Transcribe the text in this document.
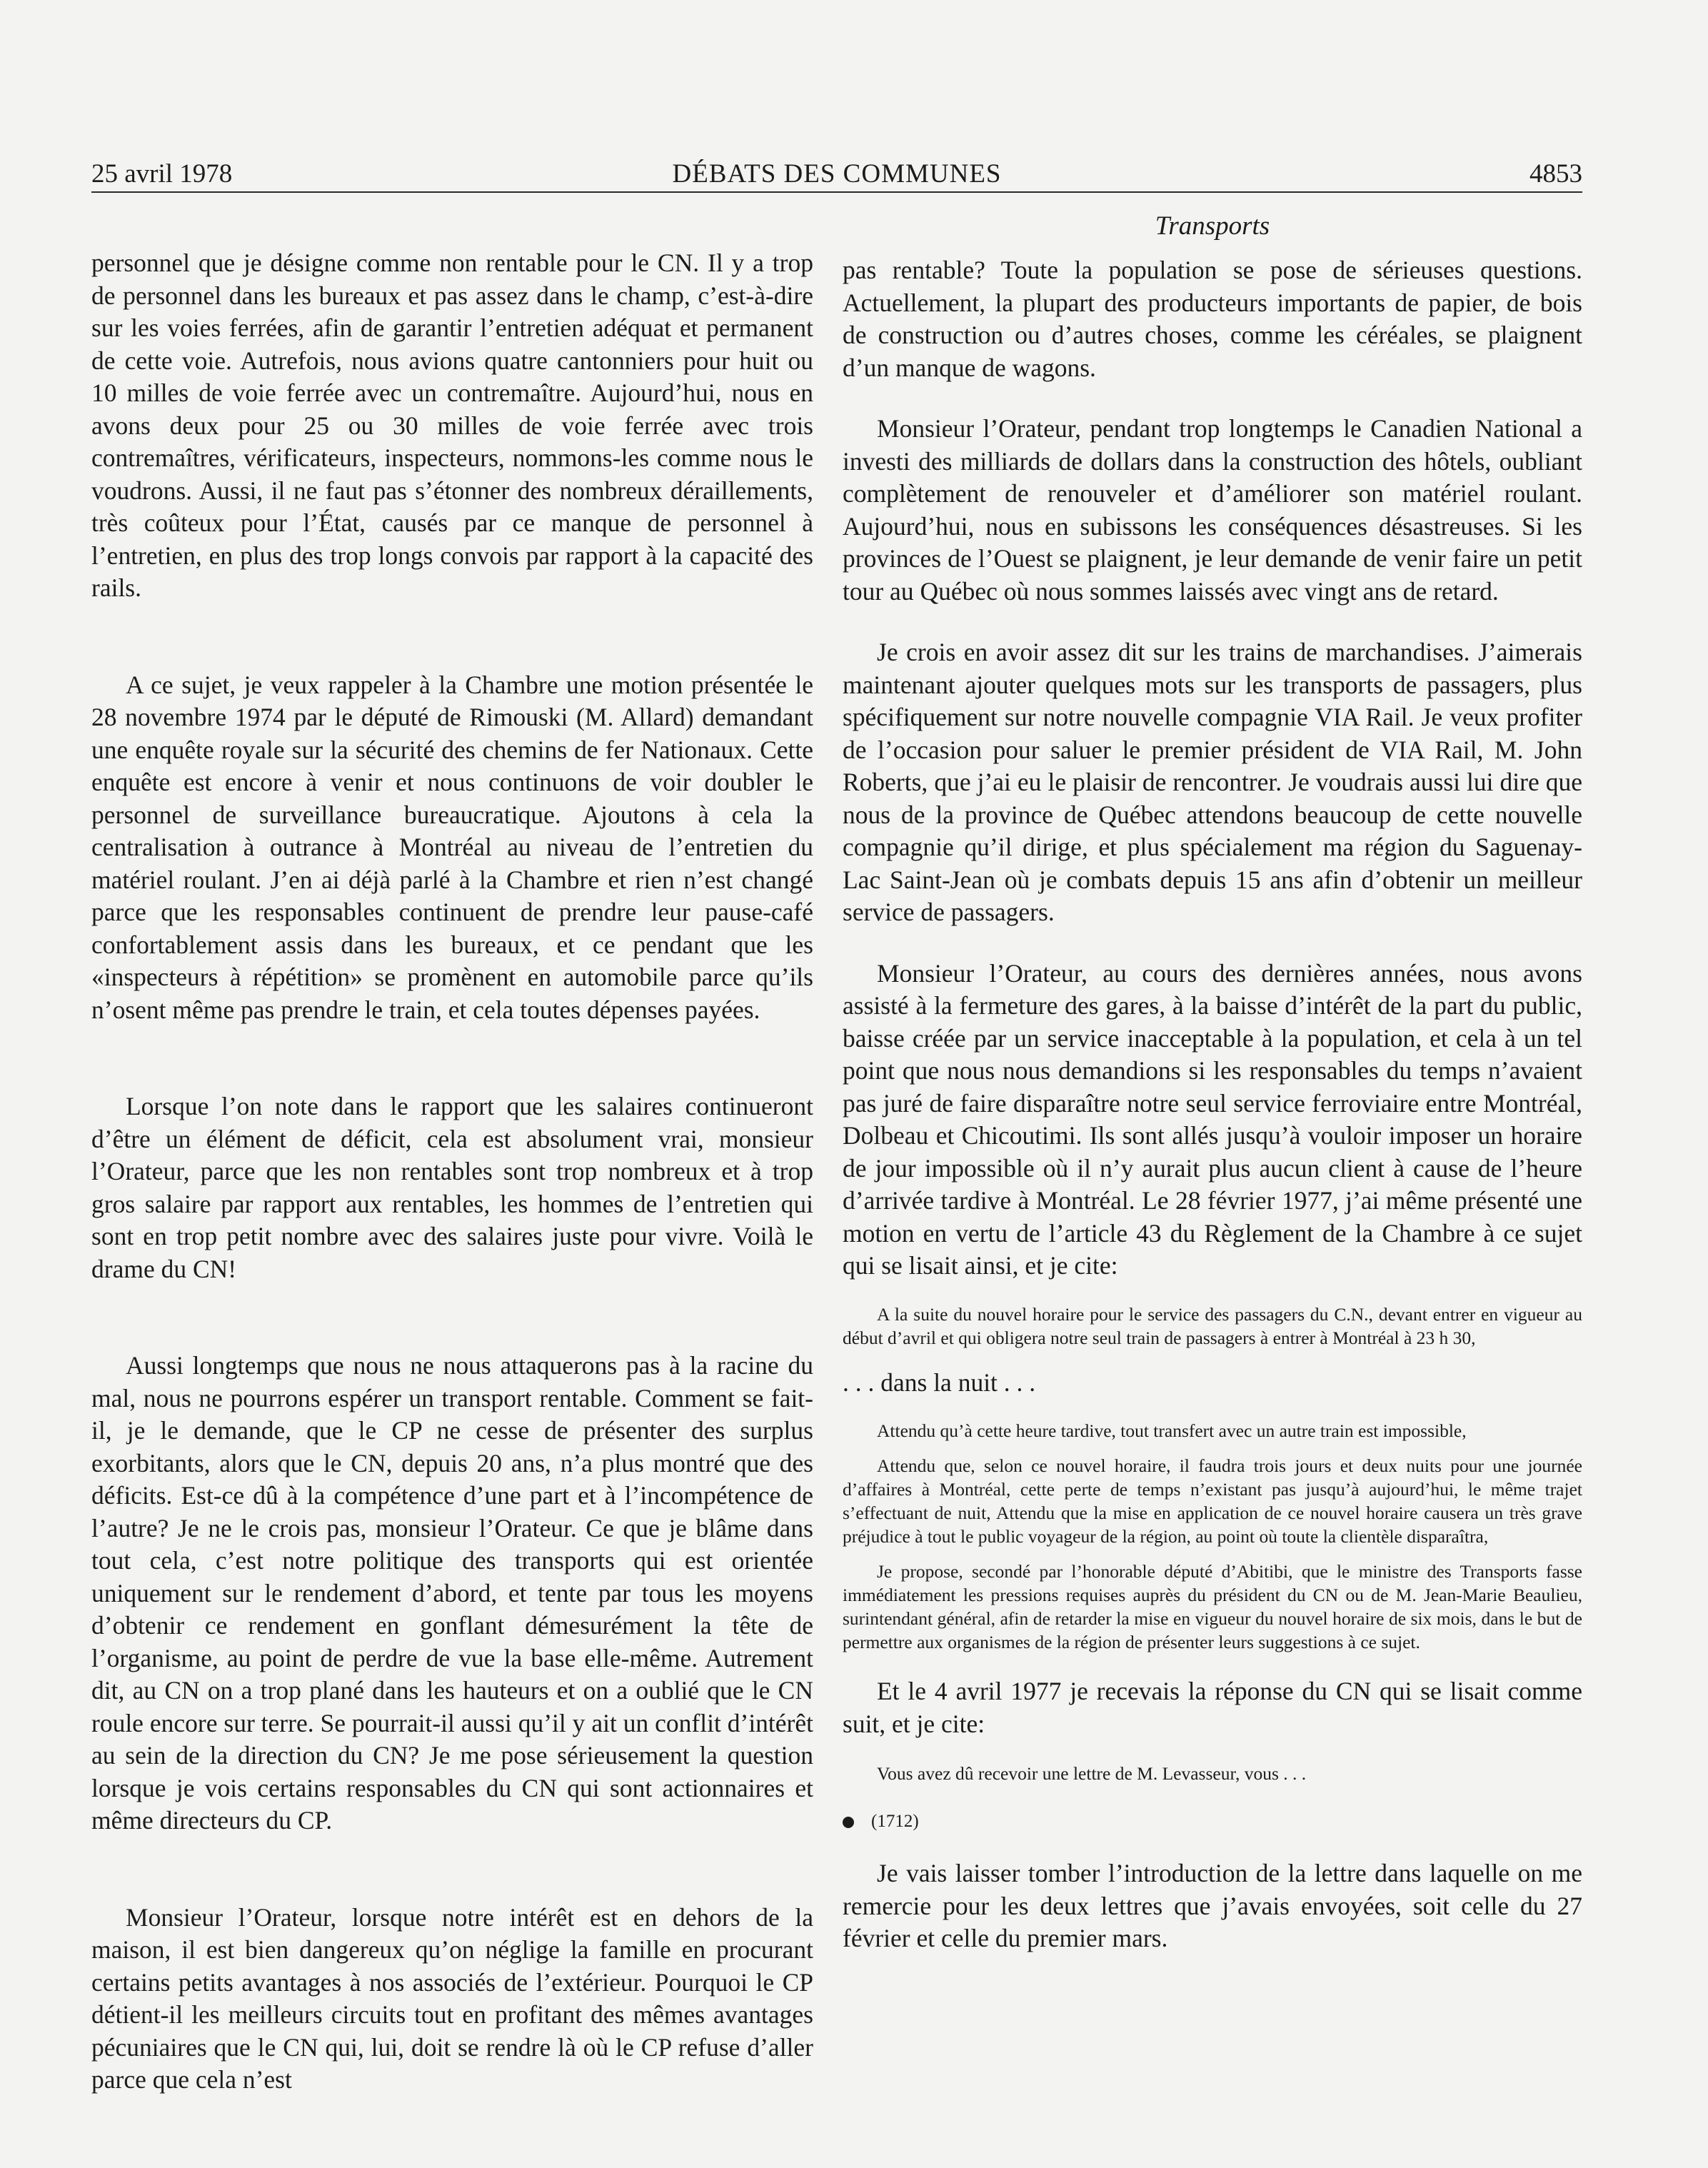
25 avril 1978	DÉBATS DES COMMUNES	4853
Transports

personnel que je désigne comme non rentable pour le CN. Il y a trop de personnel dans les bureaux et pas assez dans le champ, c’est-à-dire sur les voies ferrées, afin de garantir l’entretien adéquat et permanent de cette voie. Autrefois, nous avions quatre cantonniers pour huit ou 10 milles de voie ferrée avec un contremaître. Aujourd’hui, nous en avons deux pour 25 ou 30 milles de voie ferrée avec trois contremaîtres, vérificateurs, inspecteurs, nommons-les comme nous le voudrons. Aussi, il ne faut pas s’étonner des nombreux déraillements, très coûteux pour l’État, causés par ce manque de personnel à l’entretien, en plus des trop longs convois par rapport à la capacité des rails.

A ce sujet, je veux rappeler à la Chambre une motion présentée le 28 novembre 1974 par le député de Rimouski (M. Allard) demandant une enquête royale sur la sécurité des chemins de fer Nationaux. Cette enquête est encore à venir et nous continuons de voir doubler le personnel de surveillance bureaucratique. Ajoutons à cela la centralisation à outrance à Montréal au niveau de l’entretien du matériel roulant. J’en ai déjà parlé à la Chambre et rien n’est changé parce que les responsables continuent de prendre leur pause-café confortablement assis dans les bureaux, et ce pendant que les «inspecteurs à répétition» se promènent en automobile parce qu’ils n’osent même pas prendre le train, et cela toutes dépenses payées.

Lorsque l’on note dans le rapport que les salaires continueront d’être un élément de déficit, cela est absolument vrai, monsieur l’Orateur, parce que les non rentables sont trop nombreux et à trop gros salaire par rapport aux rentables, les hommes de l’entretien qui sont en trop petit nombre avec des salaires juste pour vivre. Voilà le drame du CN!

Aussi longtemps que nous ne nous attaquerons pas à la racine du mal, nous ne pourrons espérer un transport rentable. Comment se fait-il, je le demande, que le CP ne cesse de présenter des surplus exorbitants, alors que le CN, depuis 20 ans, n’a plus montré que des déficits. Est-ce dû à la compétence d’une part et à l’incompétence de l’autre? Je ne le crois pas, monsieur l’Orateur. Ce que je blâme dans tout cela, c’est notre politique des transports qui est orientée uniquement sur le rendement d’abord, et tente par tous les moyens d’obtenir ce rendement en gonflant démesurément la tête de l’organisme, au point de perdre de vue la base elle-même. Autrement dit, au CN on a trop plané dans les hauteurs et on a oublié que le CN roule encore sur terre. Se pourrait-il aussi qu’il y ait un conflit d’intérêt au sein de la direction du CN? Je me pose sérieusement la question lorsque je vois certains responsables du CN qui sont actionnaires et même directeurs du CP.

Monsieur l’Orateur, lorsque notre intérêt est en dehors de la maison, il est bien dangereux qu’on néglige la famille en procurant certains petits avantages à nos associés de l’extérieur. Pourquoi le CP détient-il les meilleurs circuits tout en profitant des mêmes avantages pécuniaires que le CN qui, lui, doit se rendre là où le CP refuse d’aller parce que cela n’est

pas rentable? Toute la population se pose de sérieuses questions. Actuellement, la plupart des producteurs importants de papier, de bois de construction ou d’autres choses, comme les céréales, se plaignent d’un manque de wagons.

Monsieur l’Orateur, pendant trop longtemps le Canadien National a investi des milliards de dollars dans la construction des hôtels, oubliant complètement de renouveler et d’améliorer son matériel roulant. Aujourd’hui, nous en subissons les conséquences désastreuses. Si les provinces de l’Ouest se plaignent, je leur demande de venir faire un petit tour au Québec où nous sommes laissés avec vingt ans de retard.

Je crois en avoir assez dit sur les trains de marchandises. J’aimerais maintenant ajouter quelques mots sur les transports de passagers, plus spécifiquement sur notre nouvelle compagnie VIA Rail. Je veux profiter de l’occasion pour saluer le premier président de VIA Rail, M. John Roberts, que j’ai eu le plaisir de rencontrer. Je voudrais aussi lui dire que nous de la province de Québec attendons beaucoup de cette nouvelle compagnie qu’il dirige, et plus spécialement ma région du Saguenay-Lac Saint-Jean où je combats depuis 15 ans afin d’obtenir un meilleur service de passagers.

Monsieur l’Orateur, au cours des dernières années, nous avons assisté à la fermeture des gares, à la baisse d’intérêt de la part du public, baisse créée par un service inacceptable à la population, et cela à un tel point que nous nous demandions si les responsables du temps n’avaient pas juré de faire disparaître notre seul service ferroviaire entre Montréal, Dolbeau et Chicoutimi. Ils sont allés jusqu’à vouloir imposer un horaire de jour impossible où il n’y aurait plus aucun client à cause de l’heure d’arrivée tardive à Montréal. Le 28 février 1977, j’ai même présenté une motion en vertu de l’article 43 du Règlement de la Chambre à ce sujet qui se lisait ainsi, et je cite:

A la suite du nouvel horaire pour le service des passagers du C.N., devant entrer en vigueur au début d’avril et qui obligera notre seul train de passagers à entrer à Montréal à 23 h 30,

. . . dans la nuit . . .

Attendu qu’à cette heure tardive, tout transfert avec un autre train est impossible,

Attendu que, selon ce nouvel horaire, il faudra trois jours et deux nuits pour une journée d’affaires à Montréal, cette perte de temps n’existant pas jusqu’à aujourd’hui, le même trajet s’effectuant de nuit, Attendu que la mise en application de ce nouvel horaire causera un très grave préjudice à tout le public voyageur de la région, au point où toute la clientèle disparaîtra,

Je propose, secondé par l’honorable député d’Abitibi, que le ministre des Transports fasse immédiatement les pressions requises auprès du président du CN ou de M. Jean-Marie Beaulieu, surintendant général, afin de retarder la mise en vigueur du nouvel horaire de six mois, dans le but de permettre aux organismes de la région de présenter leurs suggestions à ce sujet.

Et le 4 avril 1977 je recevais la réponse du CN qui se lisait comme suit, et je cite:

Vous avez dû recevoir une lettre de M. Levasseur, vous . . .

(1712)

Je vais laisser tomber l’introduction de la lettre dans laquelle on me remercie pour les deux lettres que j’avais envoyées, soit celle du 27 février et celle du premier mars.
